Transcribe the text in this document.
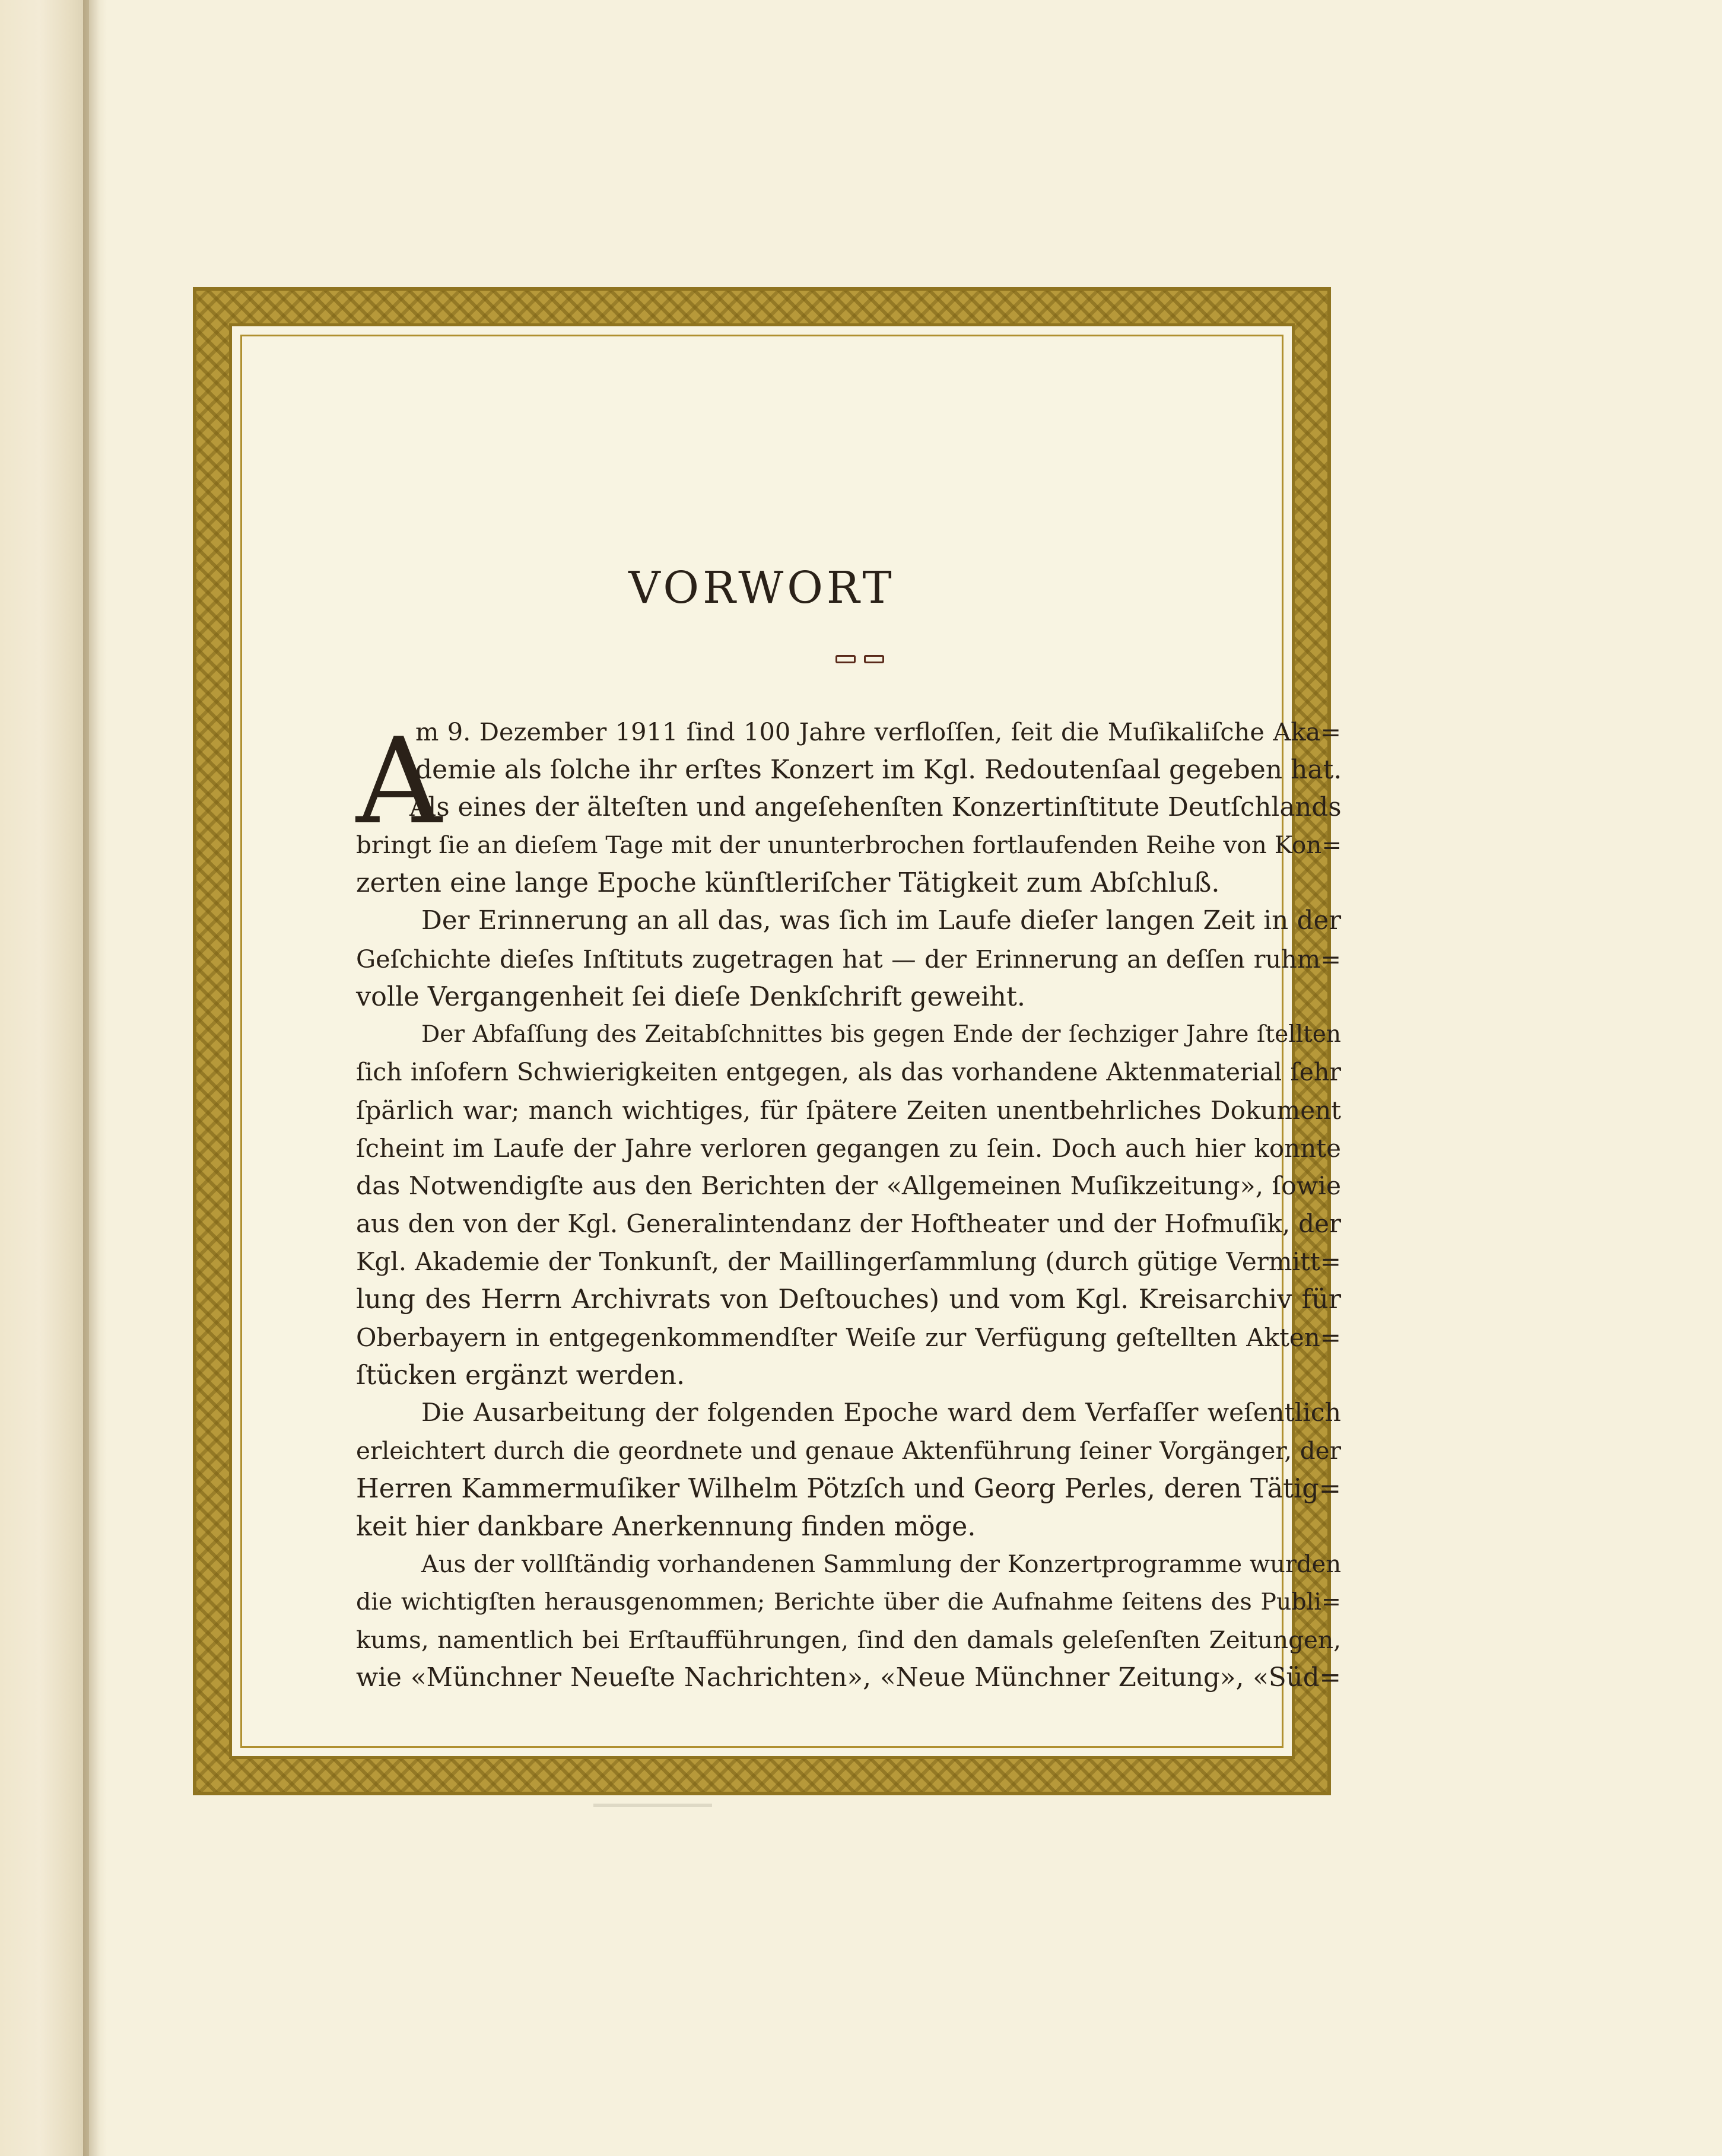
VORWORT
A
m 9. Dezember 1911 ſind 100 Jahre verfloſſen, ſeit die Muſikaliſche Aka=
demie als ſolche ihr erſtes Konzert im Kgl. Redoutenſaal gegeben hat.
Als eines der älteſten und angeſehenſten Konzertinſtitute Deutſchlands
bringt ſie an dieſem Tage mit der ununterbrochen fortlaufenden Reihe von Kon=
zerten eine lange Epoche künſtleriſcher Tätigkeit zum Abſchluß.
Der Erinnerung an all das, was ſich im Laufe dieſer langen Zeit in der
Geſchichte dieſes Inſtituts zugetragen hat — der Erinnerung an deſſen ruhm=
volle Vergangenheit ſei dieſe Denkſchrift geweiht.
Der Abfaſſung des Zeitabſchnittes bis gegen Ende der ſechziger Jahre ſtellten
ſich inſofern Schwierigkeiten entgegen, als das vorhandene Aktenmaterial ſehr
ſpärlich war; manch wichtiges, für ſpätere Zeiten unentbehrliches Dokument
ſcheint im Laufe der Jahre verloren gegangen zu ſein. Doch auch hier konnte
das Notwendigſte aus den Berichten der «Allgemeinen Muſikzeitung», ſowie
aus den von der Kgl. Generalintendanz der Hoftheater und der Hofmuſik, der
Kgl. Akademie der Tonkunſt, der Maillingerſammlung (durch gütige Vermitt=
lung des Herrn Archivrats von Deſtouches) und vom Kgl. Kreisarchiv für
Oberbayern in entgegenkommendſter Weiſe zur Verfügung geſtellten Akten=
ſtücken ergänzt werden.
Die Ausarbeitung der folgenden Epoche ward dem Verfaſſer weſentlich
erleichtert durch die geordnete und genaue Aktenführung ſeiner Vorgänger, der
Herren Kammermuſiker Wilhelm Pötzſch und Georg Perles, deren Tätig=
keit hier dankbare Anerkennung finden möge.
Aus der vollſtändig vorhandenen Sammlung der Konzertprogramme wurden
die wichtigſten herausgenommen; Berichte über die Aufnahme ſeitens des Publi=
kums, namentlich bei Erſtaufführungen, ſind den damals geleſenſten Zeitungen,
wie «Münchner Neueſte Nachrichten», «Neue Münchner Zeitung», «Süd=
